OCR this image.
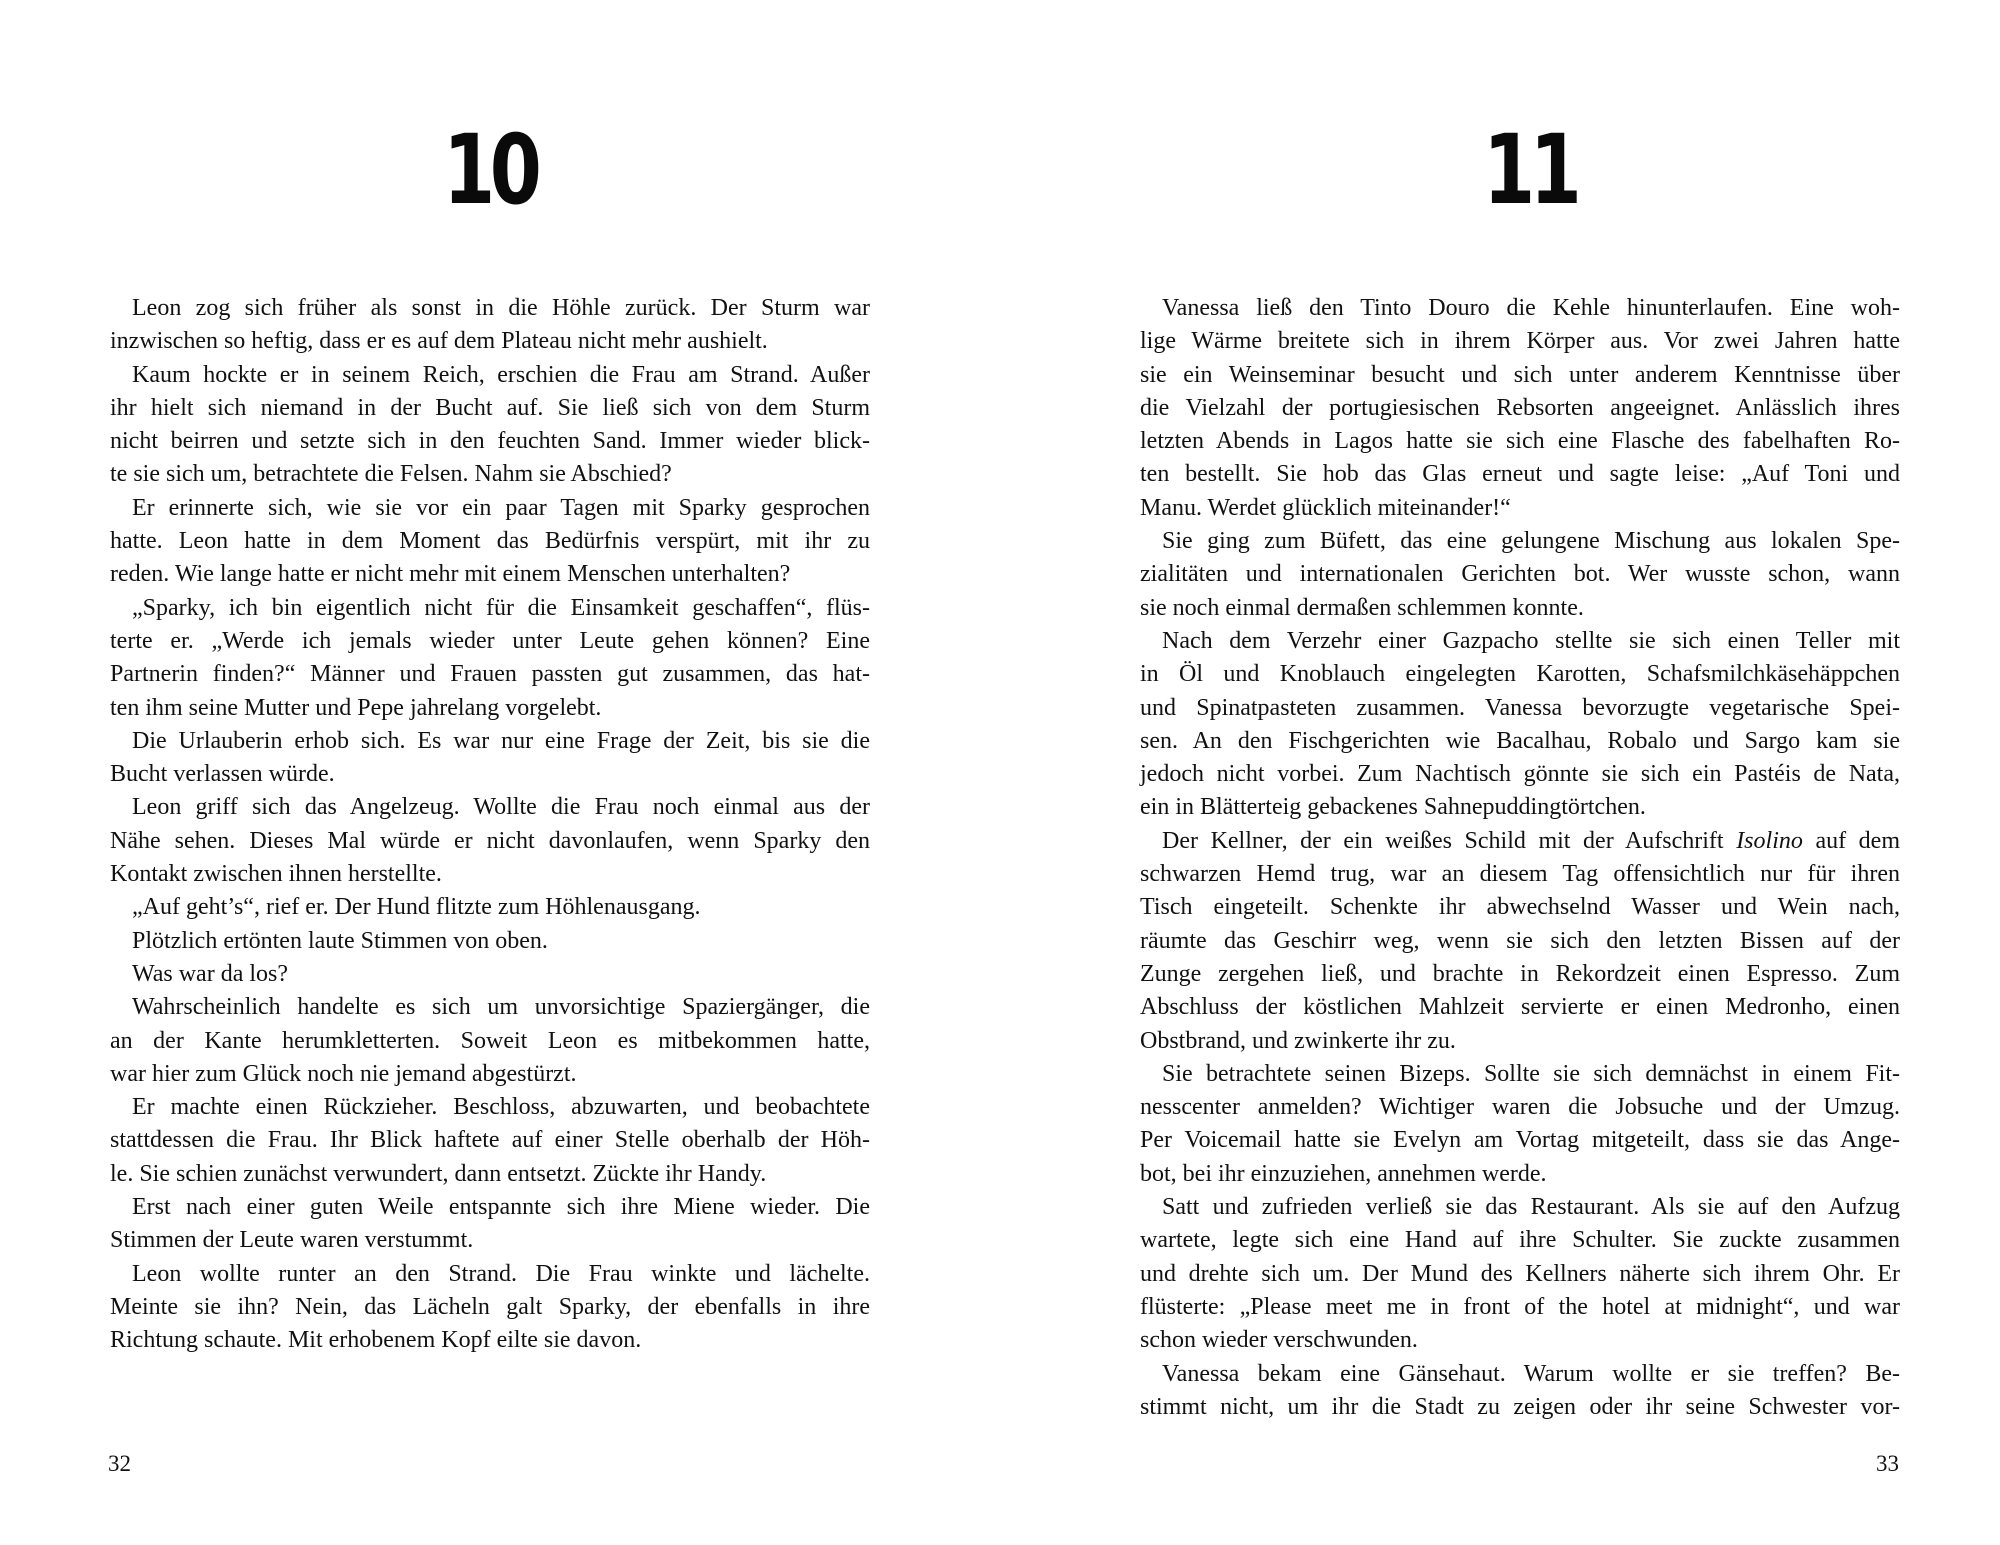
10
Leon zog sich früher als sonst in die Höhle zurück. Der Sturm war
inzwischen so heftig, dass er es auf dem Plateau nicht mehr aushielt.
Kaum hockte er in seinem Reich, erschien die Frau am Strand. Außer
ihr hielt sich niemand in der Bucht auf. Sie ließ sich von dem Sturm
nicht beirren und setzte sich in den feuchten Sand. Immer wieder blick-
te sie sich um, betrachtete die Felsen. Nahm sie Abschied?
Er erinnerte sich, wie sie vor ein paar Tagen mit Sparky gesprochen
hatte. Leon hatte in dem Moment das Bedürfnis verspürt, mit ihr zu
reden. Wie lange hatte er nicht mehr mit einem Menschen unterhalten?
„Sparky, ich bin eigentlich nicht für die Einsamkeit geschaffen“, flüs-
terte er. „Werde ich jemals wieder unter Leute gehen können? Eine
Partnerin finden?“ Männer und Frauen passten gut zusammen, das hat-
ten ihm seine Mutter und Pepe jahrelang vorgelebt.
Die Urlauberin erhob sich. Es war nur eine Frage der Zeit, bis sie die
Bucht verlassen würde.
Leon griff sich das Angelzeug. Wollte die Frau noch einmal aus der
Nähe sehen. Dieses Mal würde er nicht davonlaufen, wenn Sparky den
Kontakt zwischen ihnen herstellte.
„Auf geht’s“, rief er. Der Hund flitzte zum Höhlenausgang.
Plötzlich ertönten laute Stimmen von oben.
Was war da los?
Wahrscheinlich handelte es sich um unvorsichtige Spaziergänger, die
an der Kante herumkletterten. Soweit Leon es mitbekommen hatte,
war hier zum Glück noch nie jemand abgestürzt.
Er machte einen Rückzieher. Beschloss, abzuwarten, und beobachtete
stattdessen die Frau. Ihr Blick haftete auf einer Stelle oberhalb der Höh-
le. Sie schien zunächst verwundert, dann entsetzt. Zückte ihr Handy.
Erst nach einer guten Weile entspannte sich ihre Miene wieder. Die
Stimmen der Leute waren verstummt.
Leon wollte runter an den Strand. Die Frau winkte und lächelte.
Meinte sie ihn? Nein, das Lächeln galt Sparky, der ebenfalls in ihre
Richtung schaute. Mit erhobenem Kopf eilte sie davon.
32
11
Vanessa ließ den Tinto Douro die Kehle hinunterlaufen. Eine woh-
lige Wärme breitete sich in ihrem Körper aus. Vor zwei Jahren hatte
sie ein Weinseminar besucht und sich unter anderem Kenntnisse über
die Vielzahl der portugiesischen Rebsorten angeeignet. Anlässlich ihres
letzten Abends in Lagos hatte sie sich eine Flasche des fabelhaften Ro-
ten bestellt. Sie hob das Glas erneut und sagte leise: „Auf Toni und
Manu. Werdet glücklich miteinander!“
Sie ging zum Büfett, das eine gelungene Mischung aus lokalen Spe-
zialitäten und internationalen Gerichten bot. Wer wusste schon, wann
sie noch einmal dermaßen schlemmen konnte.
Nach dem Verzehr einer Gazpacho stellte sie sich einen Teller mit
in Öl und Knoblauch eingelegten Karotten, Schafsmilchkäsehäppchen
und Spinatpasteten zusammen. Vanessa bevorzugte vegetarische Spei-
sen. An den Fischgerichten wie Bacalhau, Robalo und Sargo kam sie
jedoch nicht vorbei. Zum Nachtisch gönnte sie sich ein Pastéis de Nata,
ein in Blätterteig gebackenes Sahnepuddingtörtchen.
Der Kellner, der ein weißes Schild mit der Aufschrift Isolino auf dem
schwarzen Hemd trug, war an diesem Tag offensichtlich nur für ihren
Tisch eingeteilt. Schenkte ihr abwechselnd Wasser und Wein nach,
räumte das Geschirr weg, wenn sie sich den letzten Bissen auf der
Zunge zergehen ließ, und brachte in Rekordzeit einen Espresso. Zum
Abschluss der köstlichen Mahlzeit servierte er einen Medronho, einen
Obstbrand, und zwinkerte ihr zu.
Sie betrachtete seinen Bizeps. Sollte sie sich demnächst in einem Fit-
nesscenter anmelden? Wichtiger waren die Jobsuche und der Umzug.
Per Voicemail hatte sie Evelyn am Vortag mitgeteilt, dass sie das Ange-
bot, bei ihr einzuziehen, annehmen werde.
Satt und zufrieden verließ sie das Restaurant. Als sie auf den Aufzug
wartete, legte sich eine Hand auf ihre Schulter. Sie zuckte zusammen
und drehte sich um. Der Mund des Kellners näherte sich ihrem Ohr. Er
flüsterte: „Please meet me in front of the hotel at midnight“, und war
schon wieder verschwunden.
Vanessa bekam eine Gänsehaut. Warum wollte er sie treffen? Be-
stimmt nicht, um ihr die Stadt zu zeigen oder ihr seine Schwester vor-
33
